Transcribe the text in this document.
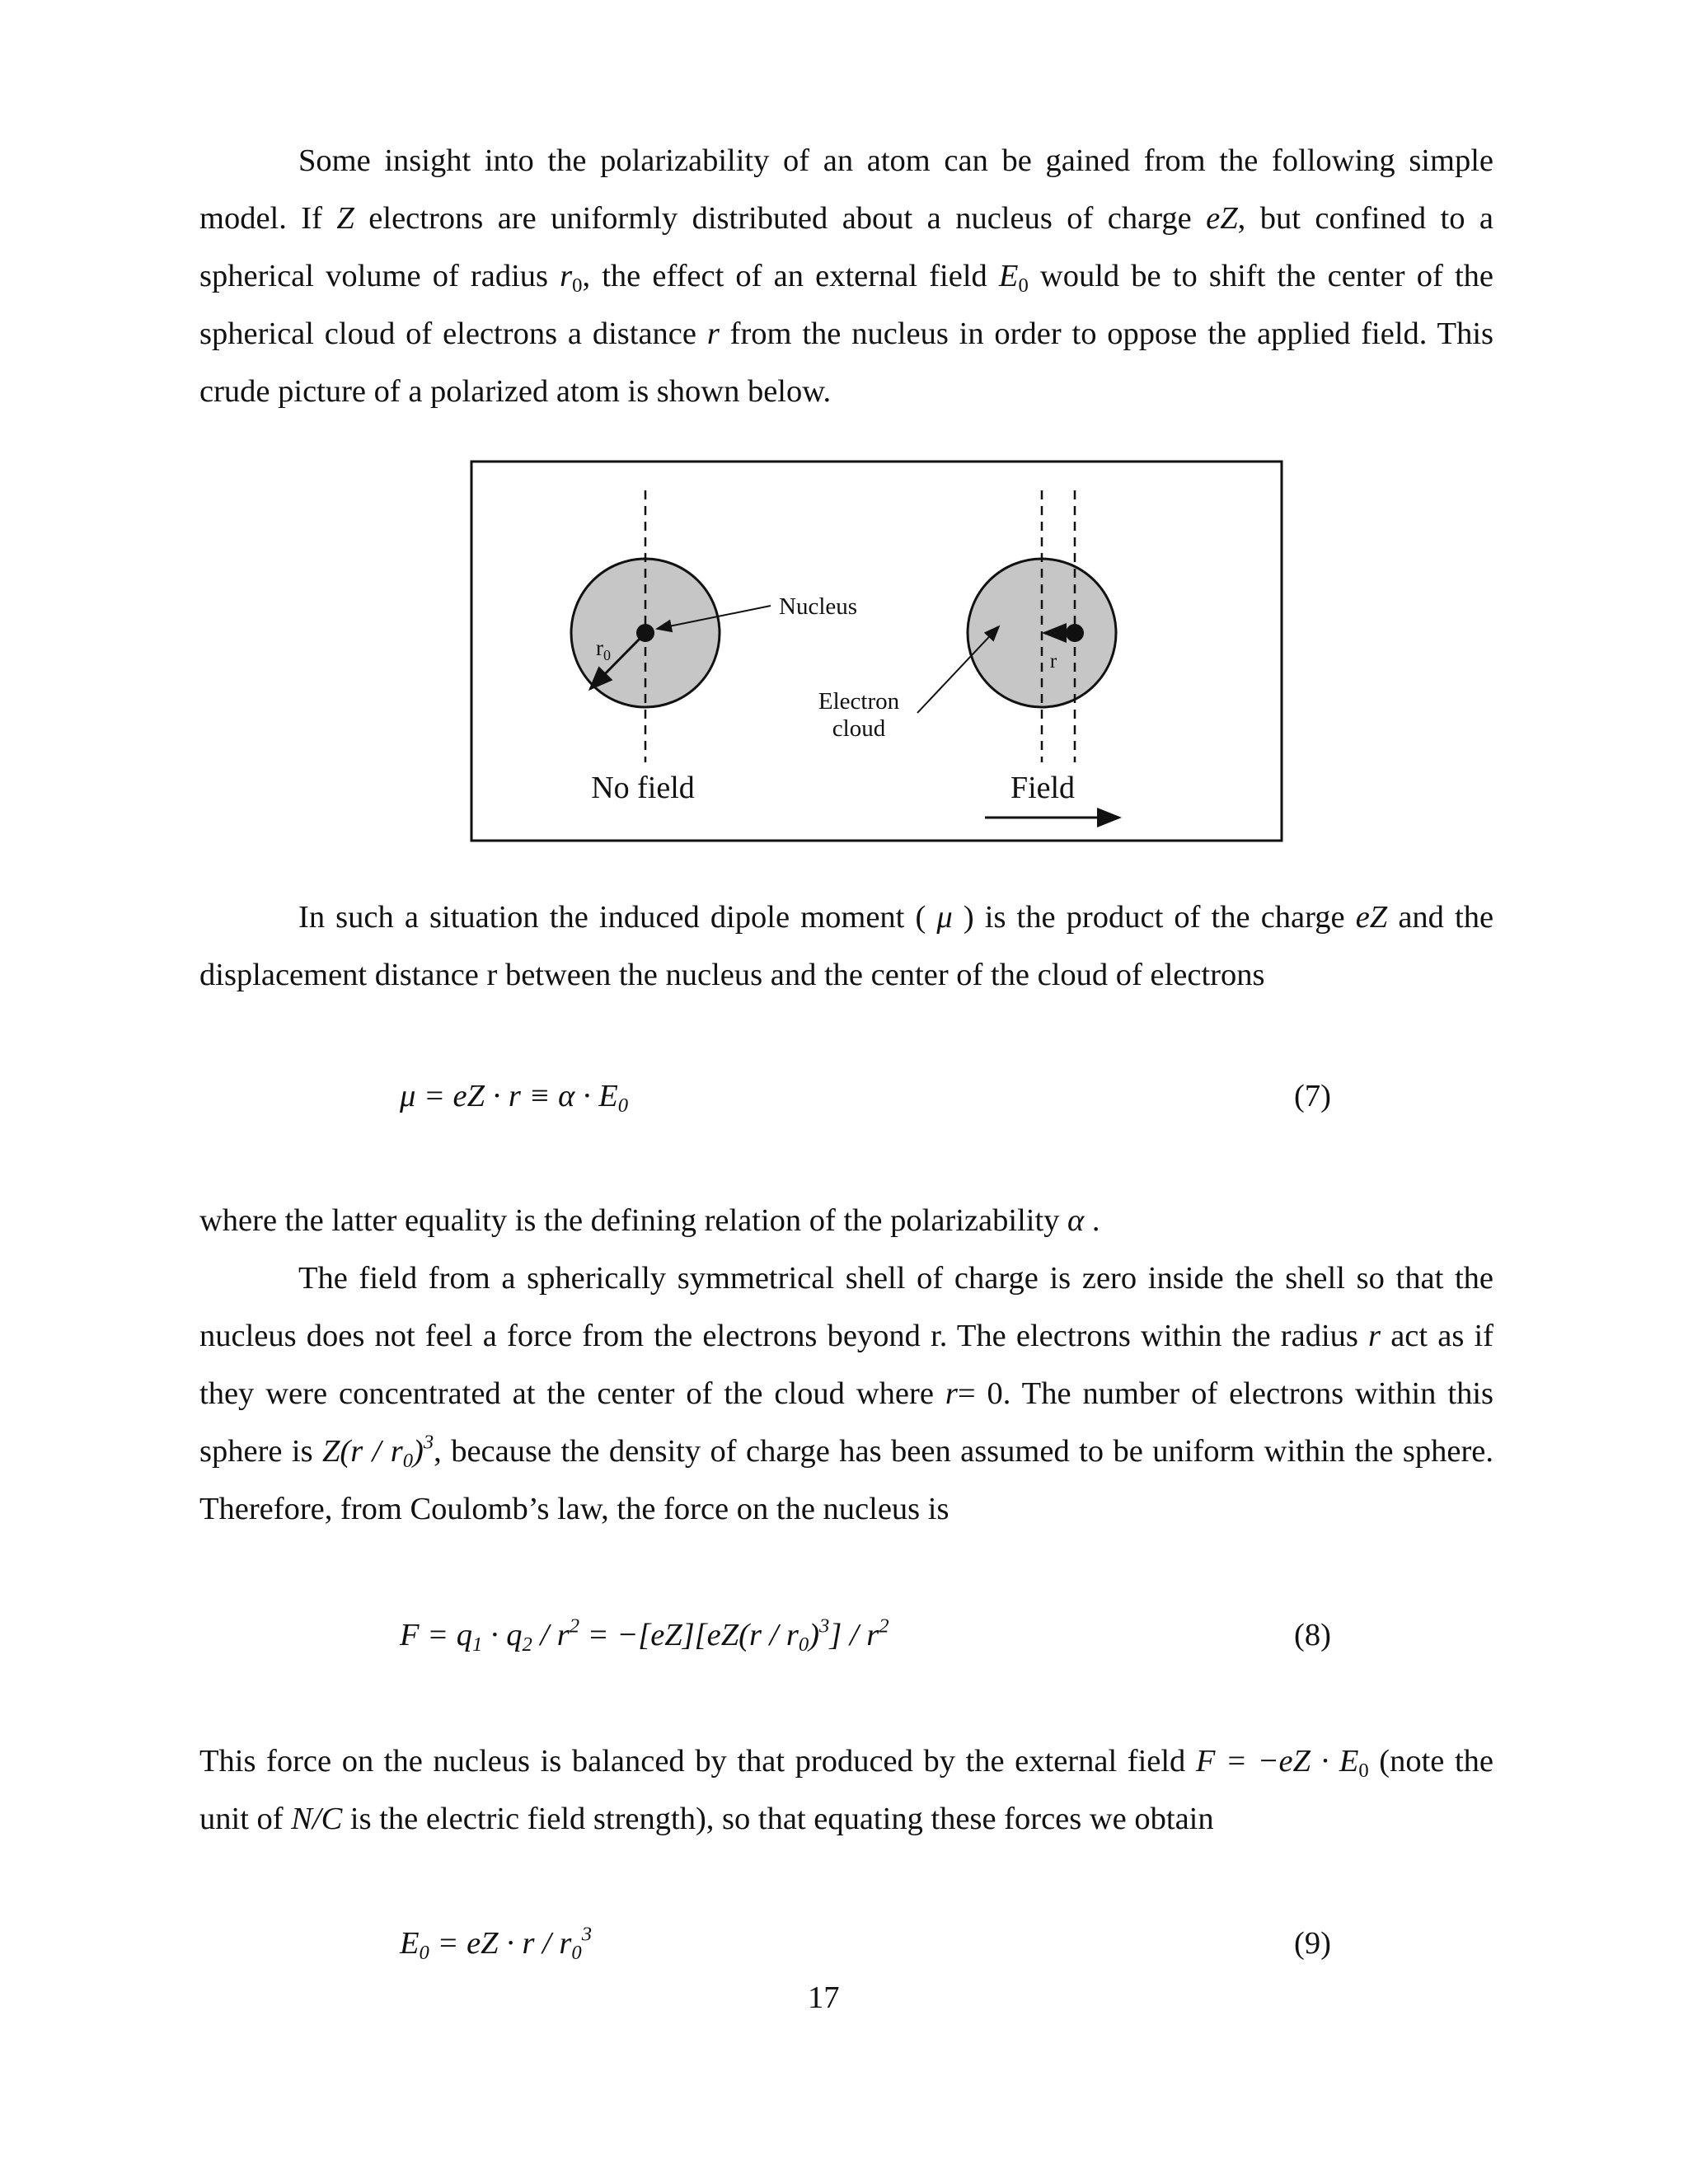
Some insight into the polarizability of an atom can be gained from the following simple model. If Z electrons are uniformly distributed about a nucleus of charge eZ, but confined to a spherical volume of radius $r_0$, the effect of an external field $E_0$ would be to shift the center of the spherical cloud of electrons a distance r from the nucleus in order to oppose the applied field. This crude picture of a polarized atom is shown below.

Nucleus
$r_0$
Electron
cloud
r
No field	Field

In such a situation the induced dipole moment ( μ ) is the product of the charge eZ and the displacement distance r between the nucleus and the center of the cloud of electrons

μ = eZ · $r \equiv \alpha \cdot E_0$	(7)

where the latter equality is the defining relation of the polarizability α .

The field from a spherically symmetrical shell of charge is zero inside the shell so that the nucleus does not feel a force from the electrons beyond r. The electrons within the radius r act as if they were concentrated at the center of the cloud where r= 0. The number of electrons within this sphere is $Z(r / r_0)^3$, because the density of charge has been assumed to be uniform within the sphere. Therefore, from Coulomb’s law, the force on the nucleus is

$F = q_1 \cdot q_2 / r^2 = -[eZ][eZ(r / r_0)^3] / r^2$	(8)

This force on the nucleus is balanced by that produced by the external field $F = -eZ \cdot E_0$ (note the unit of N/C is the electric field strength), so that equating these forces we obtain

$E_0$ = eZ · r / $r_0^3$	(9)
17
